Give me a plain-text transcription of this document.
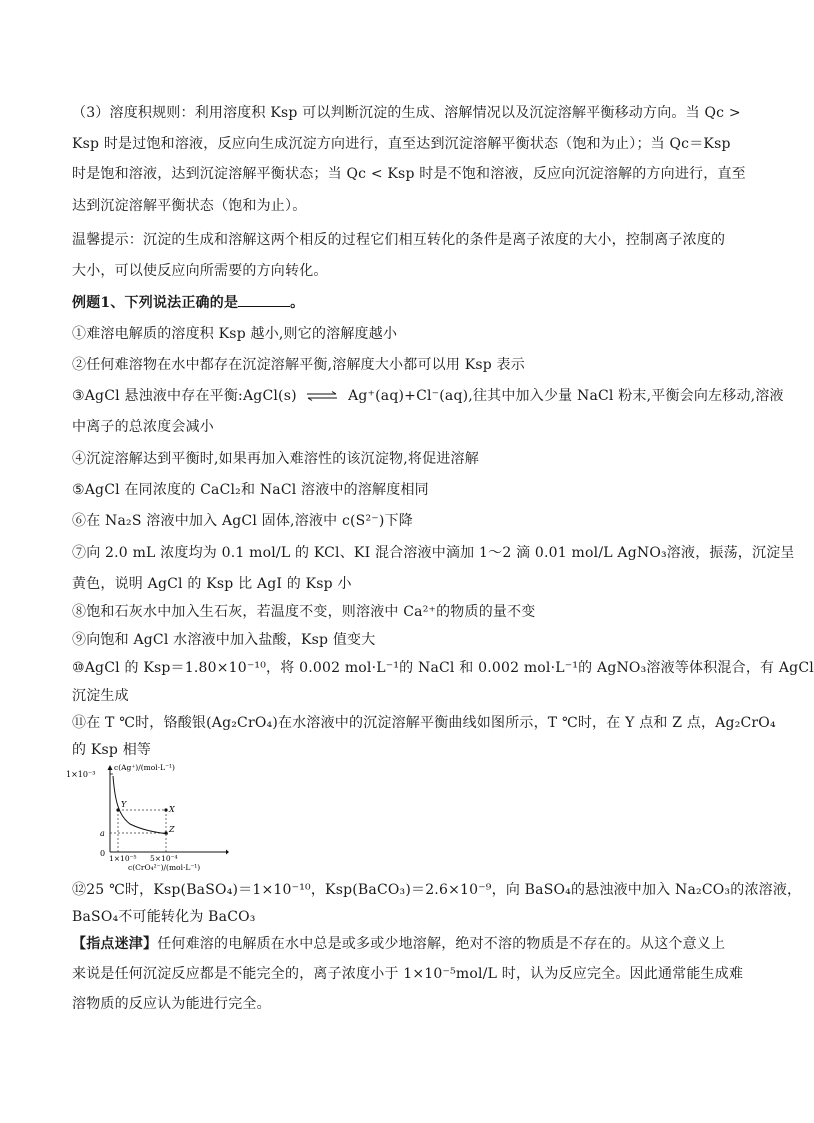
（3）溶度积规则：利用溶度积 Ksp 可以判断沉淀的生成、溶解情况以及沉淀溶解平衡移动方向。当 Qc >
Ksp 时是过饱和溶液，反应向生成沉淀方向进行，直至达到沉淀溶解平衡状态（饱和为止）；当 Qc＝Ksp
时是饱和溶液，达到沉淀溶解平衡状态；当 Qc < Ksp 时是不饱和溶液，反应向沉淀溶解的方向进行，直至
达到沉淀溶解平衡状态（饱和为止）。
温馨提示：沉淀的生成和溶解这两个相反的过程它们相互转化的条件是离子浓度的大小，控制离子浓度的
大小，可以使反应向所需要的方向转化。
例题1、下列说法正确的是	。
①难溶电解质的溶度积 Ksp 越小,则它的溶解度越小
②任何难溶物在水中都存在沉淀溶解平衡,溶解度大小都可以用 Ksp 表示
③AgCl 悬浊液中存在平衡:AgCl(s) ⇌ Ag⁺(aq)+Cl⁻(aq),往其中加入少量 NaCl 粉末,平衡会向左移动,溶液
中离子的总浓度会减小
④沉淀溶解达到平衡时,如果再加入难溶性的该沉淀物,将促进溶解
⑤AgCl 在同浓度的 CaCl₂和 NaCl 溶液中的溶解度相同
⑥在 Na₂S 溶液中加入 AgCl 固体,溶液中 c(S²⁻)下降
⑦向 2.0 mL 浓度均为 0.1 mol/L 的 KCl、KI 混合溶液中滴加 1～2 滴 0.01 mol/L AgNO₃溶液，振荡，沉淀呈
黄色，说明 AgCl 的 Ksp 比 AgI 的 Ksp 小
⑧饱和石灰水中加入生石灰，若温度不变，则溶液中 Ca²⁺的物质的量不变
⑨向饱和 AgCl 水溶液中加入盐酸，Ksp 值变大
⑩AgCl 的 Ksp＝1.80×10⁻¹⁰，将 0.002 mol·L⁻¹的 NaCl 和 0.002 mol·L⁻¹的 AgNO₃溶液等体积混合，有 AgCl
沉淀生成
⑪在 T ℃时，铬酸银(Ag₂CrO₄)在水溶液中的沉淀溶解平衡曲线如图所示，T ℃时，在 Y 点和 Z 点，Ag₂CrO₄
的 Ksp 相等
1×10⁻³
c(Ag⁺)/(mol·L⁻¹)
a
0
Y
X
Z
1×10⁻⁵ 5×10⁻⁴
c(CrO₄²⁻)/(mol·L⁻¹)
⑫25 ℃时，Ksp(BaSO₄)＝1×10⁻¹⁰，Ksp(BaCO₃)＝2.6×10⁻⁹，向 BaSO₄的悬浊液中加入 Na₂CO₃的浓溶液，
BaSO₄不可能转化为 BaCO₃
【指点迷津】任何难溶的电解质在水中总是或多或少地溶解，绝对不溶的物质是不存在的。从这个意义上
来说是任何沉淀反应都是不能完全的，离子浓度小于 1×10⁻⁵mol/L 时，认为反应完全。因此通常能生成难
溶物质的反应认为能进行完全。
